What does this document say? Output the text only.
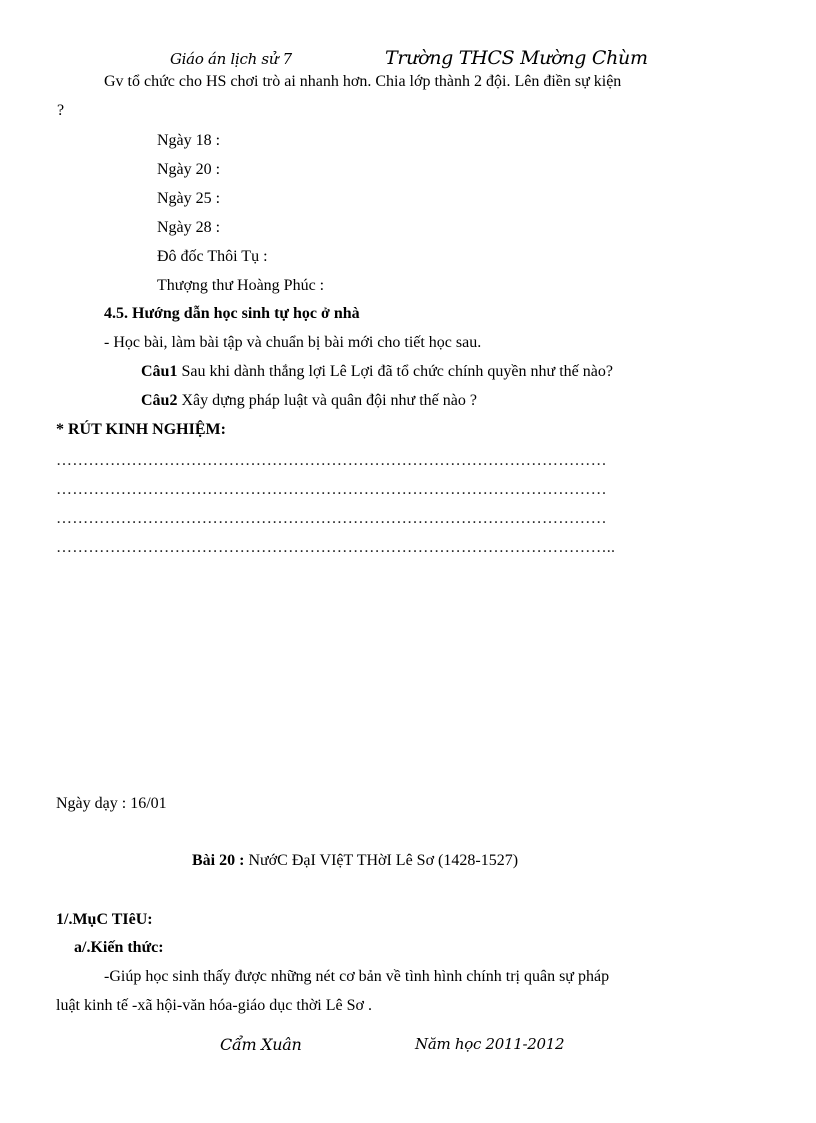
Giáo án lịch sử 7	Trường THCS Mường Chùm
Gv tổ chức cho HS chơi trò ai nhanh hơn. Chia lớp thành 2 đội. Lên điền sự kiện
?
Ngày 18 :
Ngày 20 :
Ngày 25 :
Ngày 28 :
Đô đốc Thôi Tụ :
Thượng thư Hoàng Phúc :
4.5. Hướng dẫn học sinh tự học ở nhà
- Học bài, làm bài tập và chuẩn bị bài mới cho tiết học sau.
Câu1 Sau khi dành thắng lợi Lê Lợi đã tổ chức chính quyền như thế nào?
Câu2 Xây dựng pháp luật và quân đội như thế nào ?
* RÚT KINH NGHIỆM:
…………………………………………………………………………………………
…………………………………………………………………………………………
…………………………………………………………………………………………
…………………………………………………………………………………………..
Ngày dạy : 16/01
Bài 20 : NướC ĐạI VIệT THờI Lê Sơ (1428-1527)
1/.MụC TIêU:
a/.Kiến thức:
-Giúp học sinh thấy được những nét cơ bản về tình hình chính trị quân sự pháp
luật kinh tế -xã hội-văn hóa-giáo dục thời Lê Sơ .
Cẩm Xuân	Năm học 2011-2012
